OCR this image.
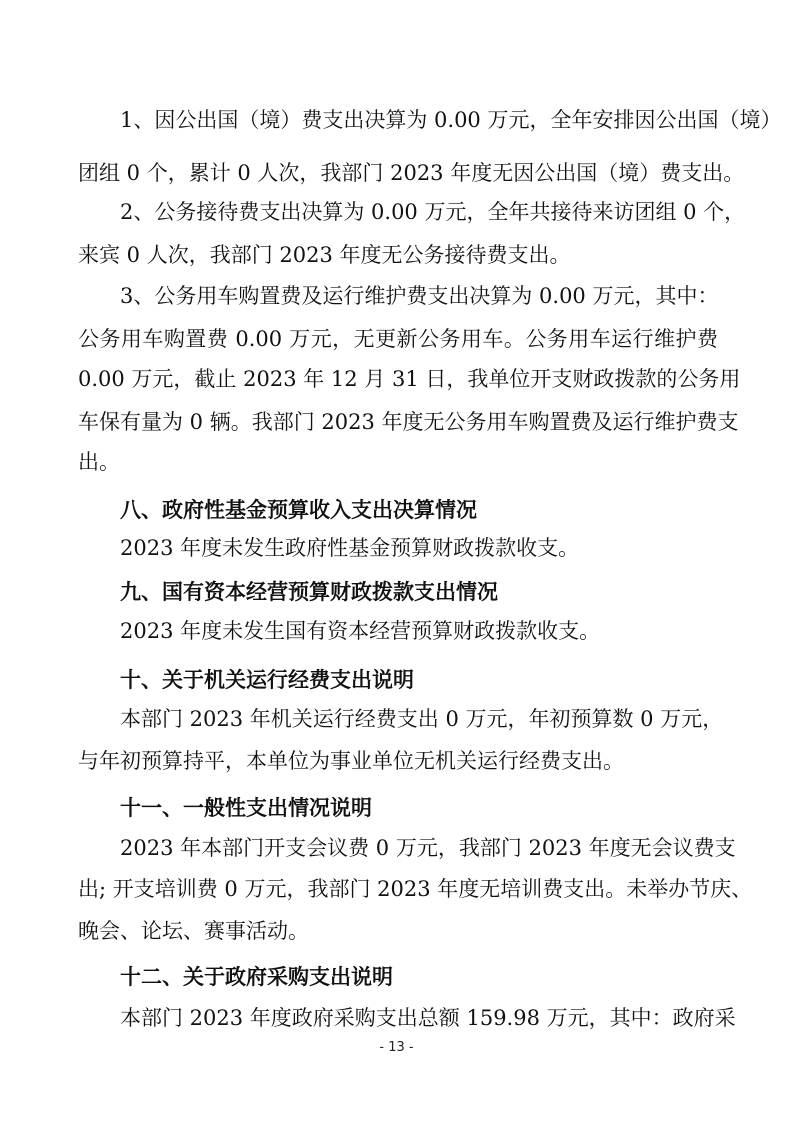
1、因公出国（境）费支出决算为 0.00 万元，全年安排因公出国（境）
团组 0 个，累计 0 人次，我部门 2023 年度无因公出国（境）费支出。
2、公务接待费支出决算为 0.00 万元，全年共接待来访团组 0 个，
来宾 0 人次，我部门 2023 年度无公务接待费支出。
3、公务用车购置费及运行维护费支出决算为 0.00 万元，其中：
公务用车购置费 0.00 万元，无更新公务用车。公务用车运行维护费
0.00 万元，截止 2023 年 12 月 31 日，我单位开支财政拨款的公务用
车保有量为 0 辆。我部门 2023 年度无公务用车购置费及运行维护费支
出。
八、政府性基金预算收入支出决算情况
2023 年度未发生政府性基金预算财政拨款收支。
九、国有资本经营预算财政拨款支出情况
2023 年度未发生国有资本经营预算财政拨款收支。
十、关于机关运行经费支出说明
本部门 2023 年机关运行经费支出 0 万元，年初预算数 0 万元，
与年初预算持平，本单位为事业单位无机关运行经费支出。
十一、一般性支出情况说明
2023 年本部门开支会议费 0 万元，我部门 2023 年度无会议费支
出; 开支培训费 0 万元，我部门 2023 年度无培训费支出。未举办节庆、
晚会、论坛、赛事活动。
十二、关于政府采购支出说明
本部门 2023 年度政府采购支出总额 159.98 万元，其中：政府采
- 13 -
